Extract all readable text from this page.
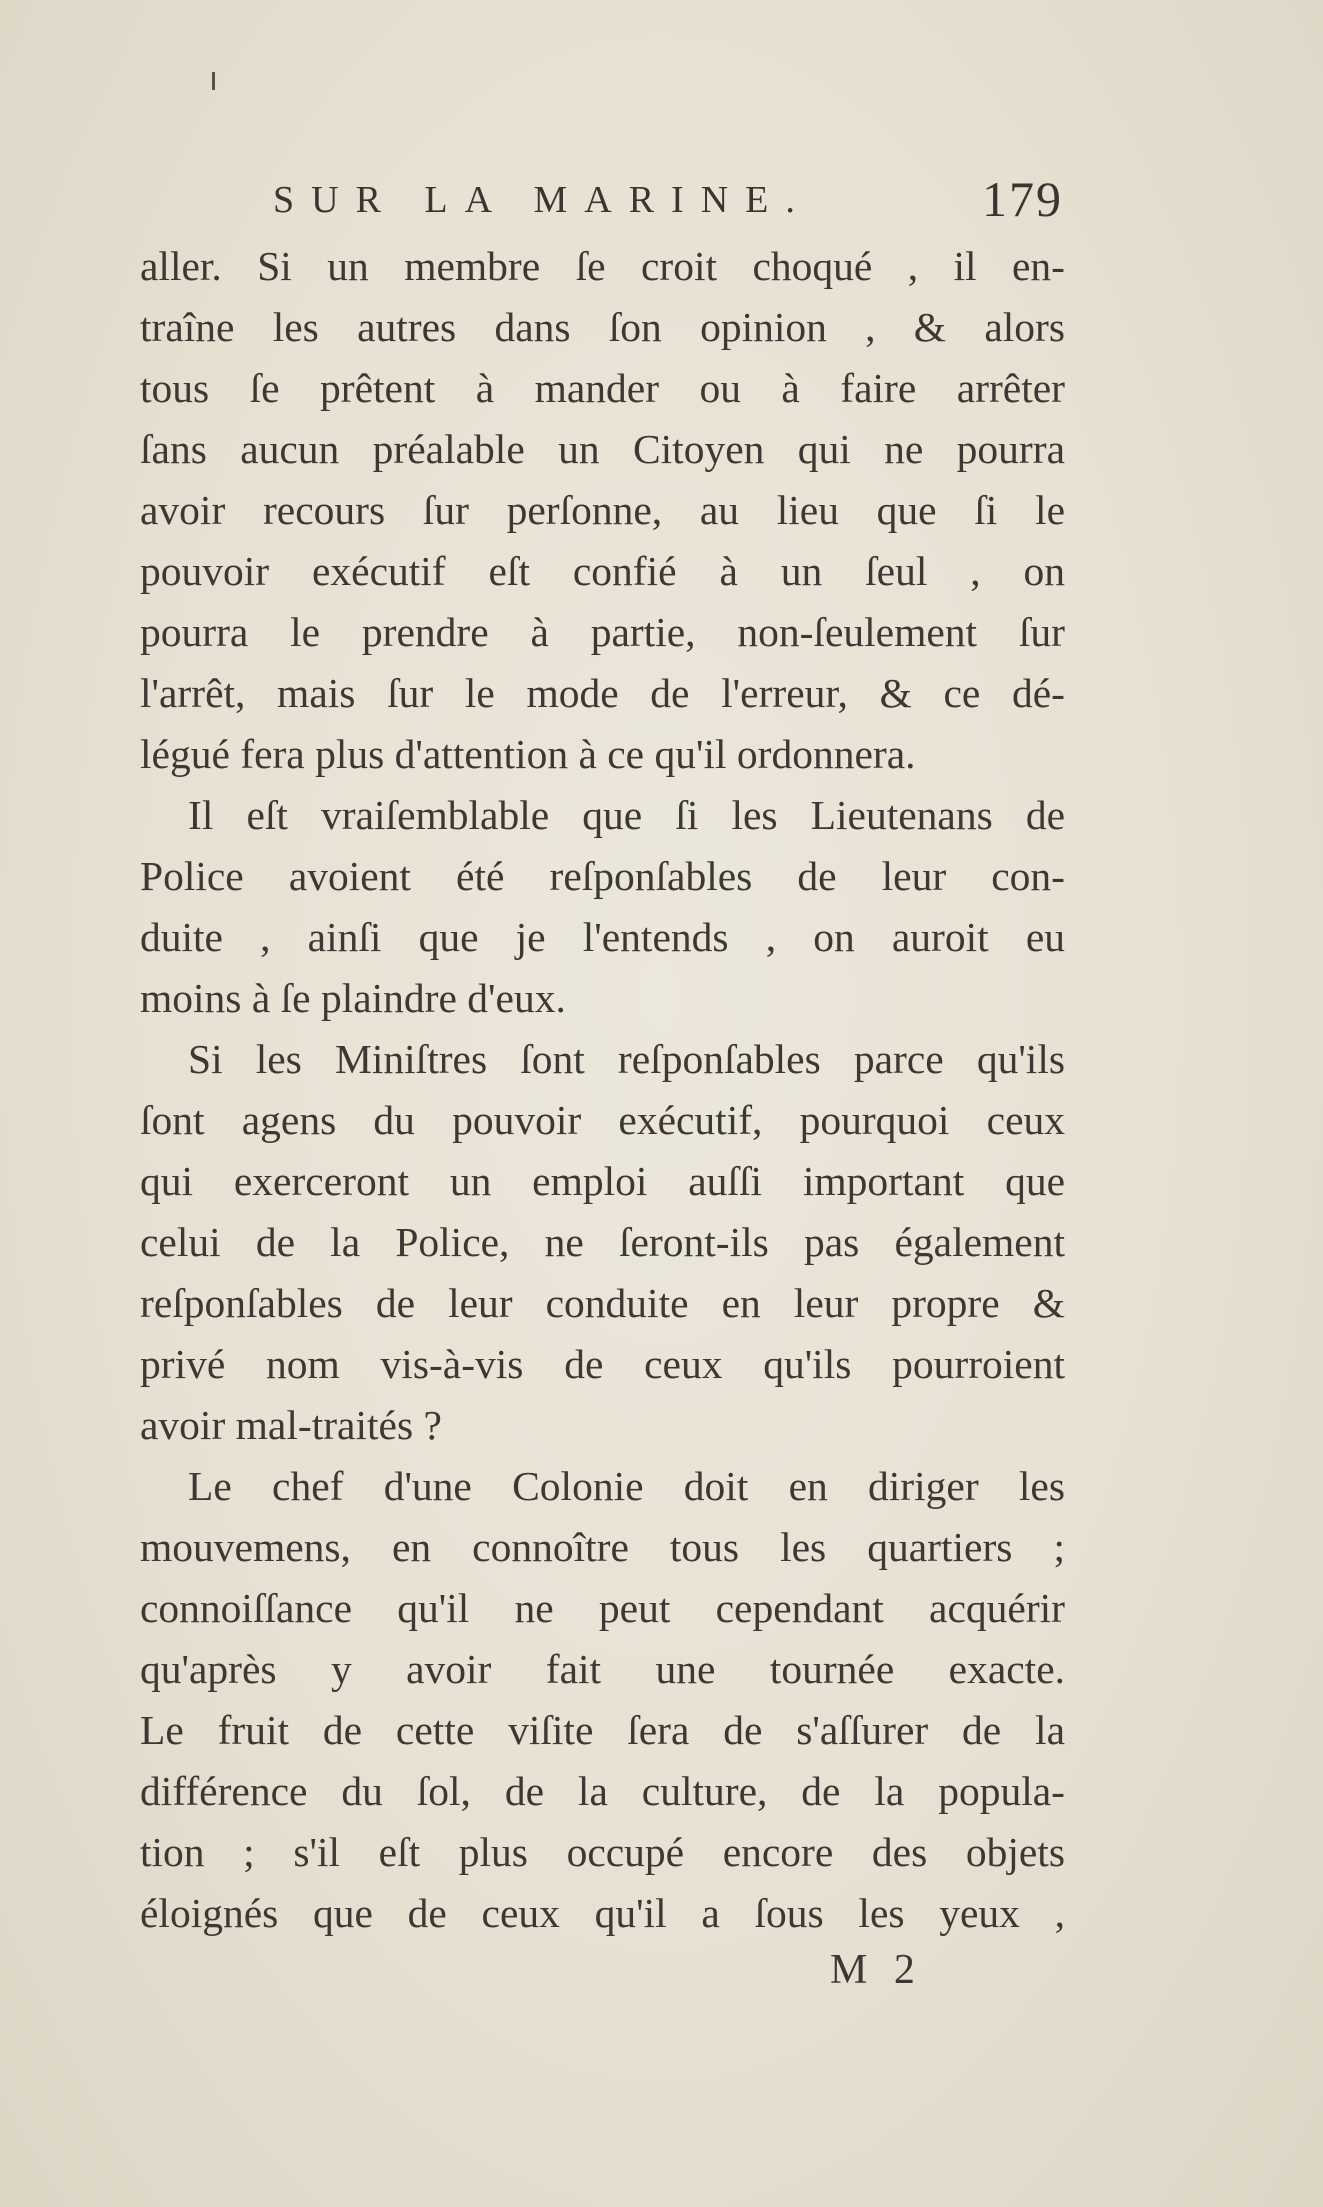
SUR LA MARINE.	179
aller. Si un membre ſe croit choqué , il en-
traîne les autres dans ſon opinion , & alors
tous ſe prêtent à mander ou à faire arrêter
ſans aucun préalable un Citoyen qui ne pourra
avoir recours ſur perſonne, au lieu que ſi le
pouvoir exécutif eſt confié à un ſeul , on
pourra le prendre à partie, non-ſeulement ſur
l'arrêt, mais ſur le mode de l'erreur, & ce dé-
légué fera plus d'attention à ce qu'il ordonnera.
Il eſt vraiſemblable que ſi les Lieutenans de
Police avoient été reſponſables de leur con-
duite , ainſi que je l'entends , on auroit eu
moins à ſe plaindre d'eux.
Si les Miniſtres ſont reſponſables parce qu'ils
ſont agens du pouvoir exécutif, pourquoi ceux
qui exerceront un emploi auſſi important que
celui de la Police, ne ſeront-ils pas également
reſponſables de leur conduite en leur propre &
privé nom vis-à-vis de ceux qu'ils pourroient
avoir mal-traités ?
Le chef d'une Colonie doit en diriger les
mouvemens, en connoître tous les quartiers ;
connoiſſance qu'il ne peut cependant acquérir
qu'après y avoir fait une tournée exacte.
Le fruit de cette viſite ſera de s'aſſurer de la
différence du ſol, de la culture, de la popula-
tion ; s'il eſt plus occupé encore des objets
éloignés que de ceux qu'il a ſous les yeux ,
M 2
